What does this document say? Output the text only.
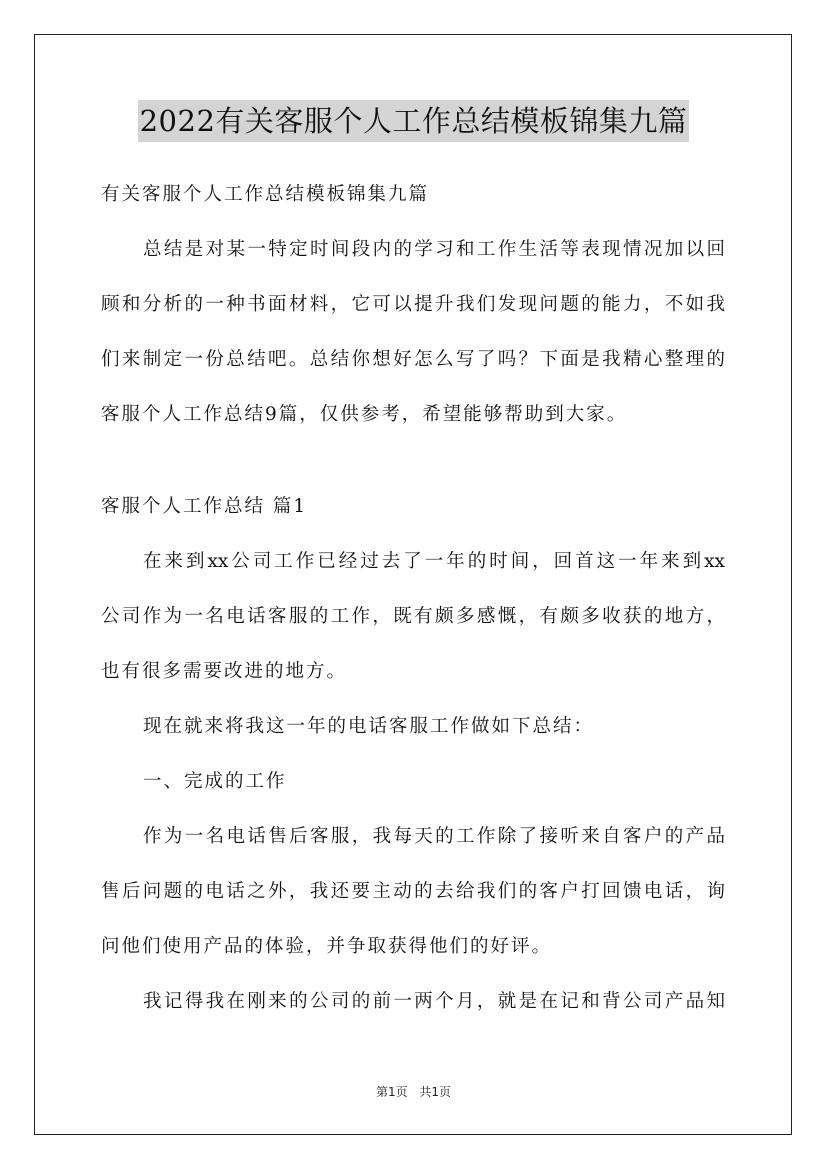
2022有关客服个人工作总结模板锦集九篇
有关客服个人工作总结模板锦集九篇
总结是对某一特定时间段内的学习和工作生活等表现情况加以回
顾和分析的一种书面材料，它可以提升我们发现问题的能力，不如我
们来制定一份总结吧。总结你想好怎么写了吗？下面是我精心整理的
客服个人工作总结9篇，仅供参考，希望能够帮助到大家。
客服个人工作总结 篇1
在来到xx公司工作已经过去了一年的时间，回首这一年来到xx
公司作为一名电话客服的工作，既有颇多感慨，有颇多收获的地方，
也有很多需要改进的地方。
现在就来将我这一年的电话客服工作做如下总结：
一、完成的工作
作为一名电话售后客服，我每天的工作除了接听来自客户的产品
售后问题的电话之外，我还要主动的去给我们的客户打回馈电话，询
问他们使用产品的体验，并争取获得他们的好评。
我记得我在刚来的公司的前一两个月，就是在记和背公司产品知
第1页 共1页
